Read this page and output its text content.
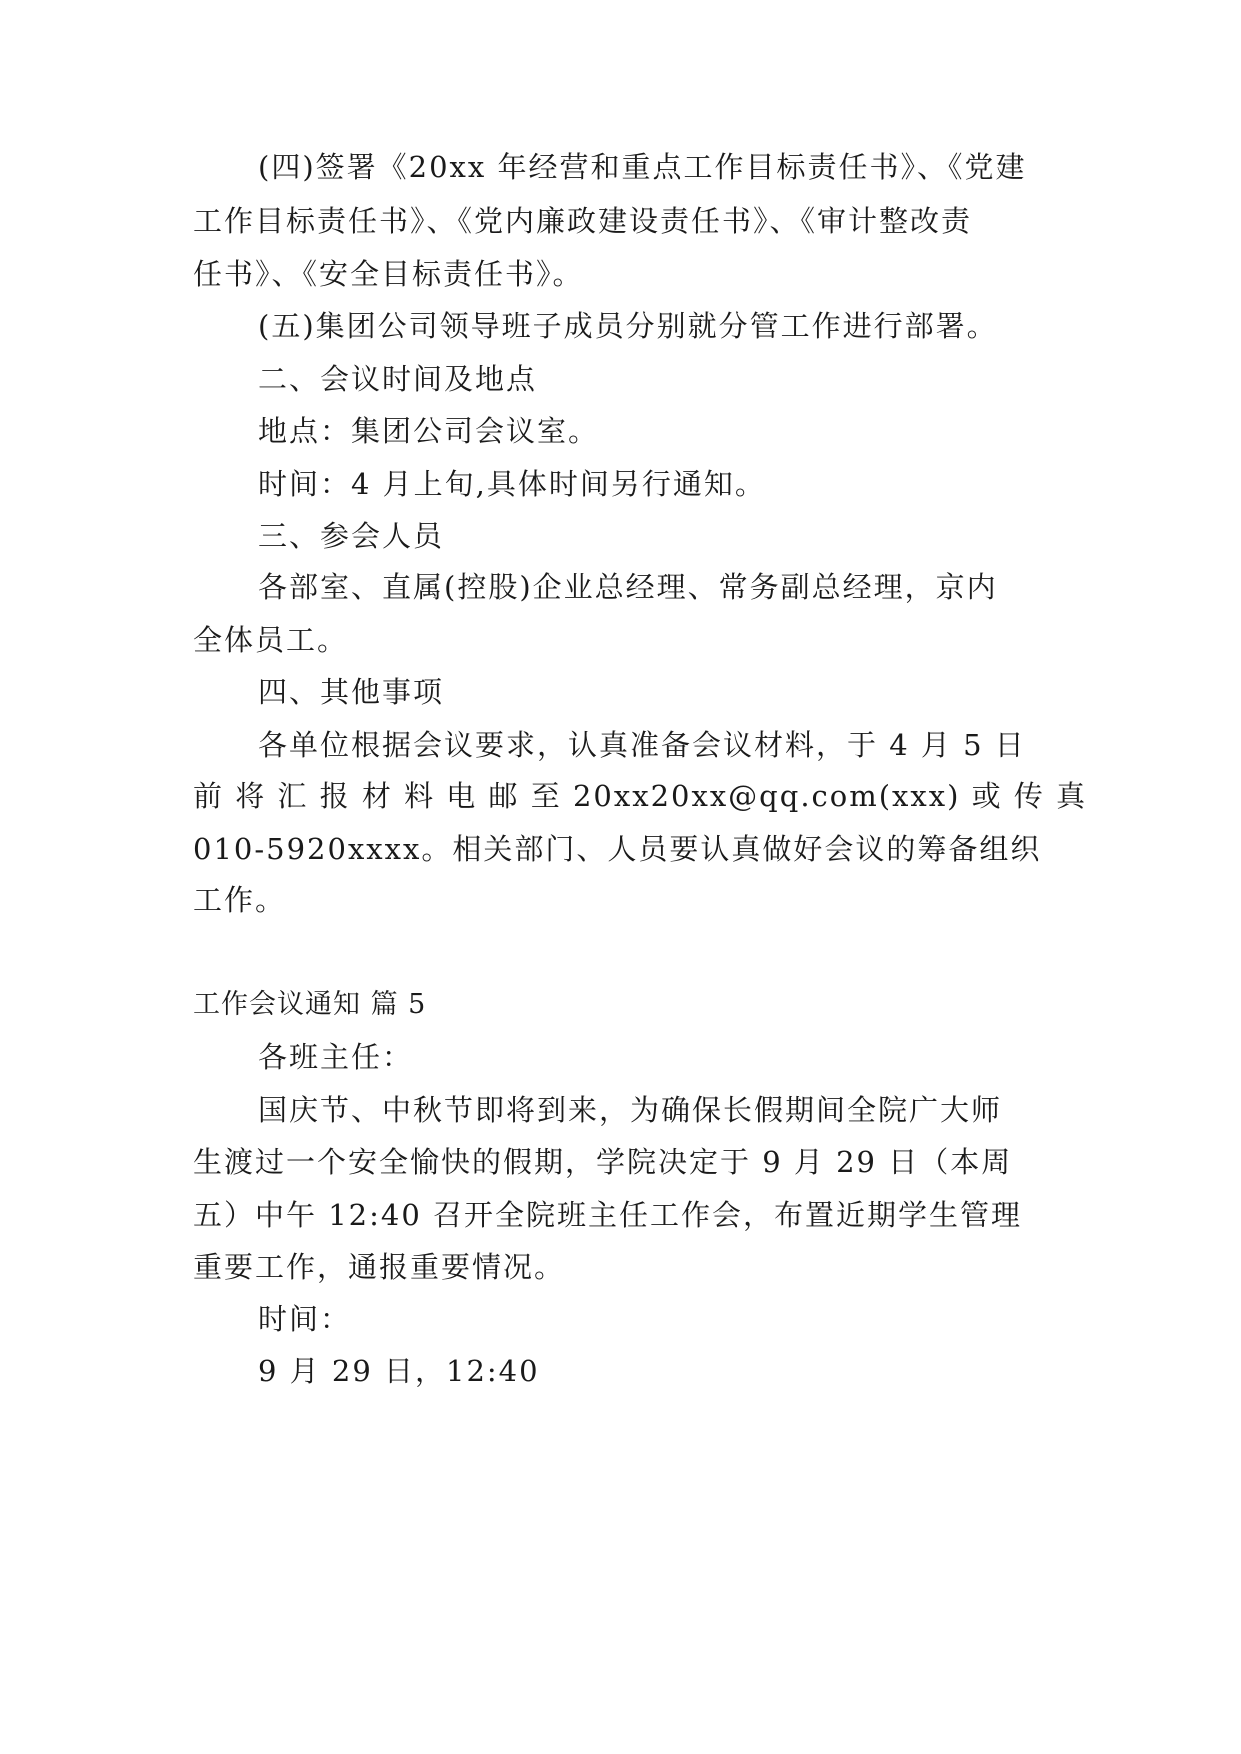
(四)签署《20xx 年经营和重点工作目标责任书》、《党建
工作目标责任书》、《党内廉政建设责任书》、《审计整改责
任书》、《安全目标责任书》。
(五)集团公司领导班子成员分别就分管工作进行部署。
二、会议时间及地点
地点：集团公司会议室。
时间：4 月上旬,具体时间另行通知。
三、参会人员
各部室、直属(控股)企业总经理、常务副总经理，京内
全体员工。
四、其他事项
各单位根据会议要求，认真准备会议材料，于 4 月 5 日
前 将 汇 报 材 料 电 邮 至 20xx20xx@qq.com(xxx) 或 传 真
010-5920xxxx。相关部门、人员要认真做好会议的筹备组织
工作。
工作会议通知 篇 5
各班主任：
国庆节、中秋节即将到来，为确保长假期间全院广大师
生渡过一个安全愉快的假期，学院决定于 9 月 29 日（本周
五）中午 12:40 召开全院班主任工作会，布置近期学生管理
重要工作，通报重要情况。
时间：
9 月 29 日，12:40
